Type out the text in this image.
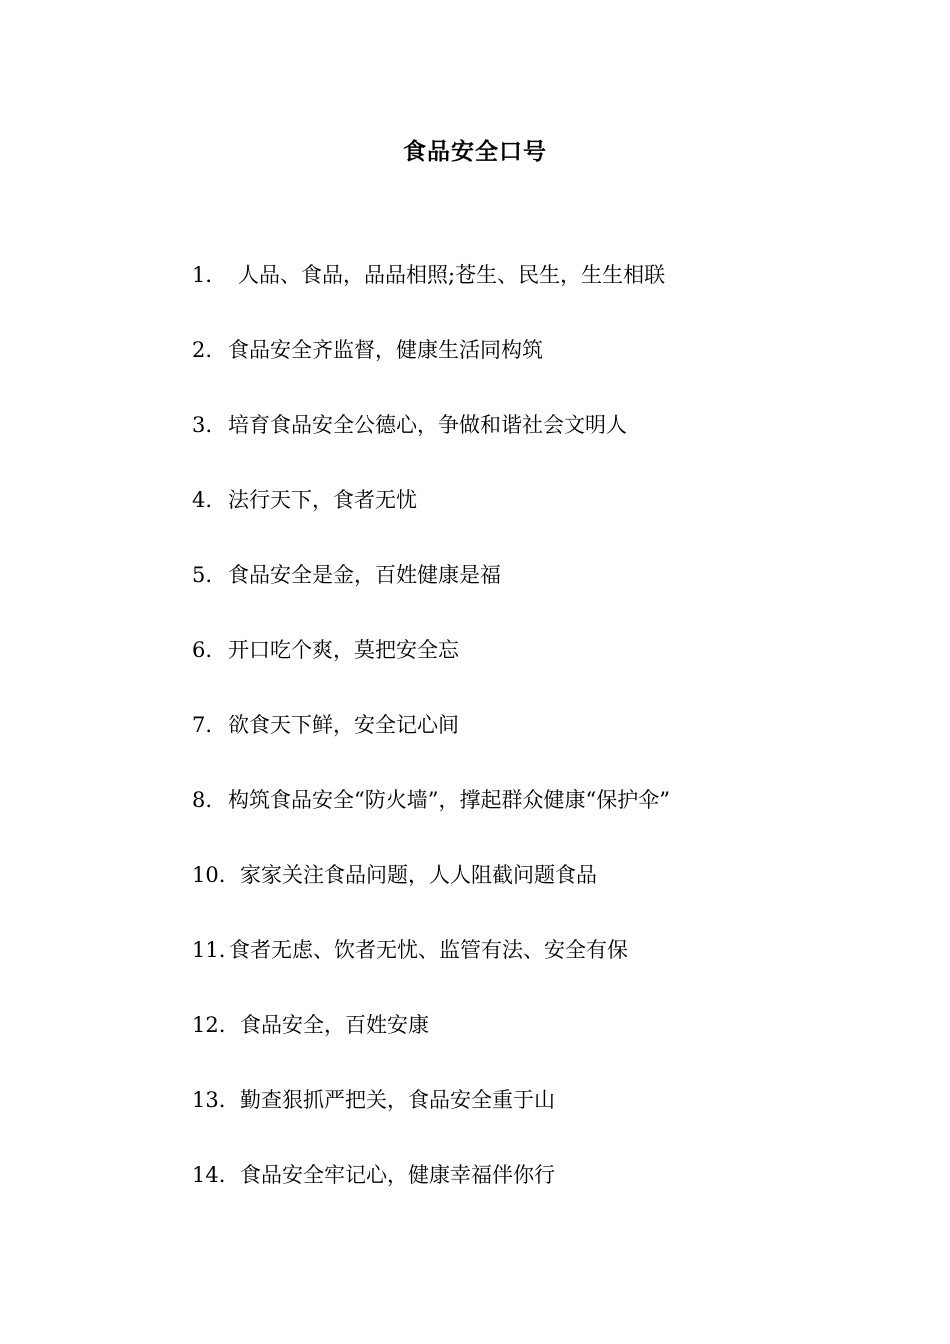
食品安全口号
1． 人品、食品，品品相照;苍生、民生，生生相联
2. 食品安全齐监督，健康生活同构筑
3. 培育食品安全公德心，争做和谐社会文明人
4. 法行天下，食者无忧
5. 食品安全是金，百姓健康是福
6. 开口吃个爽，莫把安全忘
7. 欲食天下鲜，安全记心间
8. 构筑食品安全“防火墙”，撑起群众健康“保护伞”
10. 家家关注食品问题，人人阻截问题食品
11. 食者无虑、饮者无忧、监管有法、安全有保
12. 食品安全，百姓安康
13. 勤查狠抓严把关，食品安全重于山
14. 食品安全牢记心，健康幸福伴你行
